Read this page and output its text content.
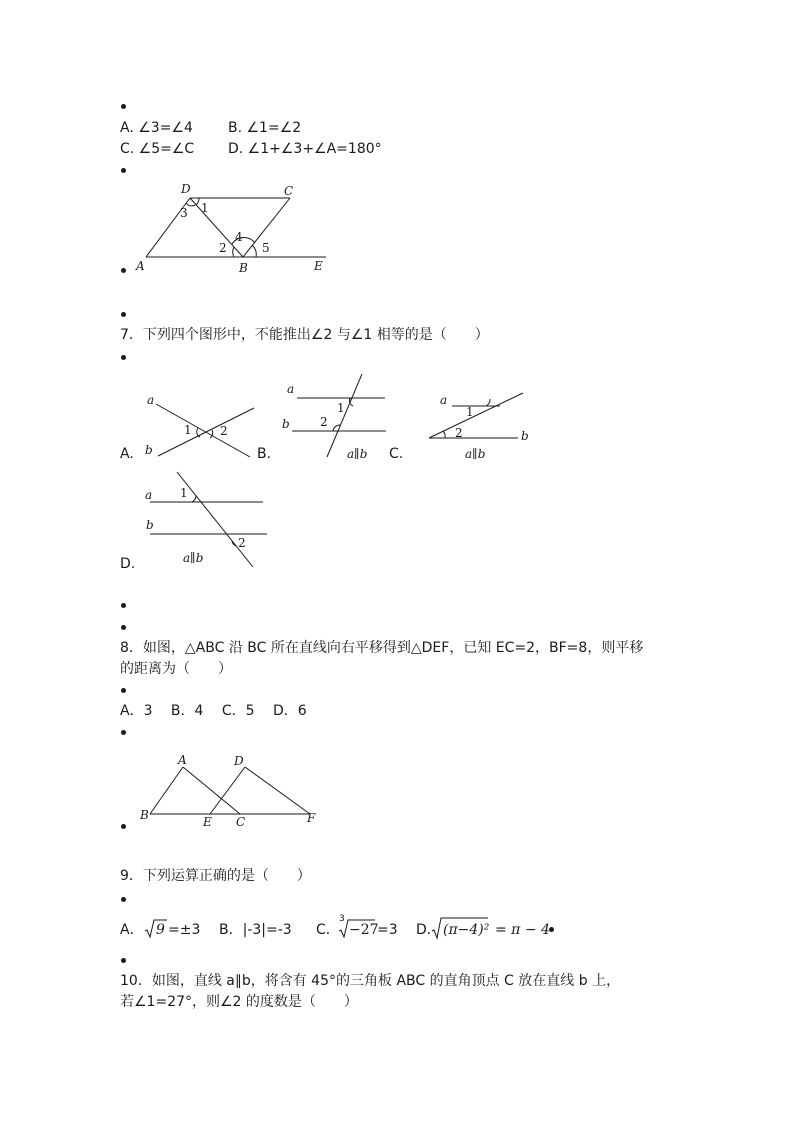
A. ∠3=∠4	B. ∠1=∠2
C. ∠5=∠C D. ∠1+∠3+∠A=180°
D	C
A	B	E
1
3
4
2	5
7．下列四个图形中，不能推出∠2 与∠1 相等的是（　　）
A.	B.	C.
D.
a
b
1 2
a
b
1
2
a∥b
a
b
1
2
a∥b
a
b
1
2
a∥b
8．如图，△ABC 沿 BC 所在直线向右平移得到△DEF，已知 EC=2，BF=8，则平移
的距离为（　　）
A．3　 B．4　 C．5　 D．6
A	D
B	E C	F
9．下列运算正确的是（　　）
A． 9 =±3 B．|-3|=-3 C．
3
−27
=3 D． (π−4)² = π − 4
10．如图，直线 a∥b，将含有 45°的三角板 ABC 的直角顶点 C 放在直线 b 上，
若∠1=27°，则∠2 的度数是（　　）
